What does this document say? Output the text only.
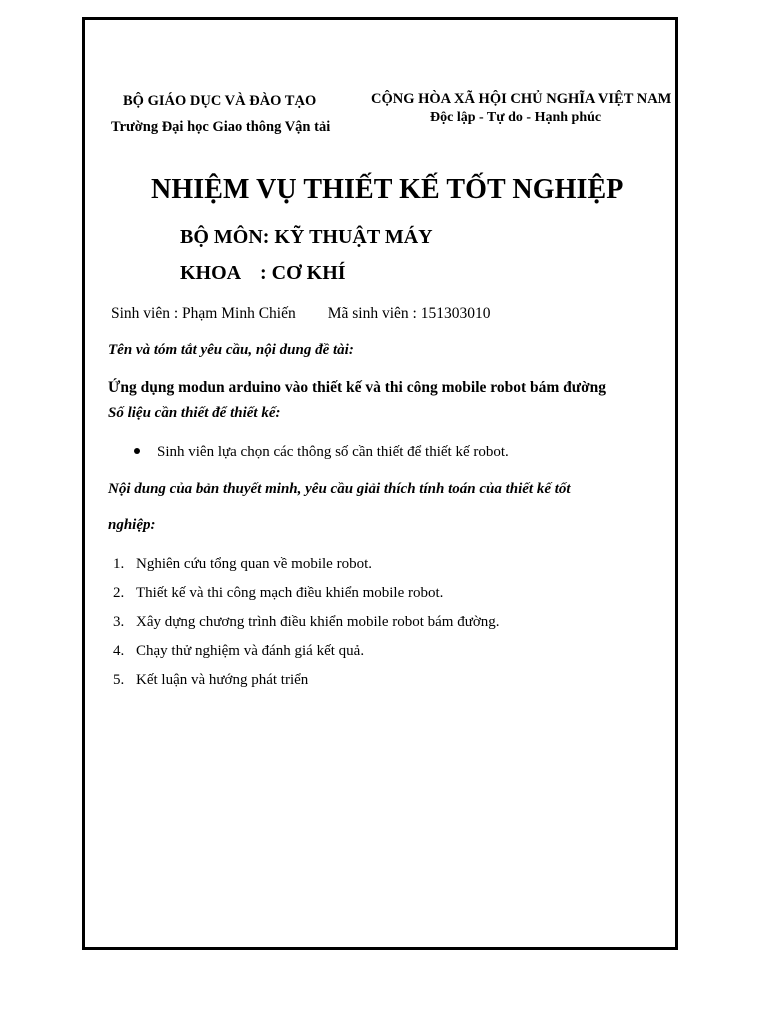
BỘ GIÁO DỤC VÀ ĐÀO TẠO
Trường Đại học Giao thông Vận tải
CỘNG HÒA XÃ HỘI CHỦ NGHĨA VIỆT NAM
Độc lập - Tự do - Hạnh phúc
NHIỆM VỤ THIẾT KẾ TỐT NGHIỆP
BỘ MÔN: KỸ THUẬT MÁY
KHOA : CƠ KHÍ
Sinh viên : Phạm Minh Chiến Mã sinh viên : 151303010
Tên và tóm tắt yêu cầu, nội dung đề tài:
Ứng dụng modun arduino vào thiết kế và thi công mobile robot bám đường
Số liệu cần thiết để thiết kế:
Sinh viên lựa chọn các thông số cần thiết để thiết kế robot.
Nội dung của bản thuyết minh, yêu cầu giải thích tính toán của thiết kế tốt
nghiệp:
1. Nghiên cứu tổng quan về mobile robot.
2. Thiết kế và thi công mạch điều khiển mobile robot.
3. Xây dựng chương trình điều khiển mobile robot bám đường.
4. Chạy thử nghiệm và đánh giá kết quả.
5. Kết luận và hướng phát triển
